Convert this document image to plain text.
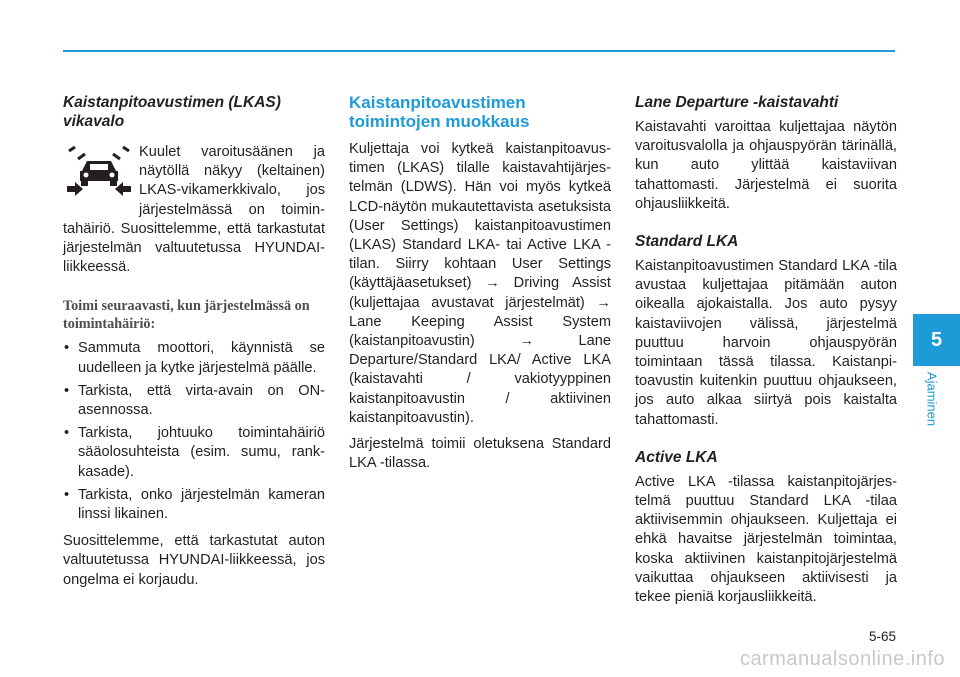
Kaistanpitoavustimen (LKAS) vikavalo

Kuulet varoitusäänen ja näytöllä näkyy (keltainen) LKAS-vikamerkkivalo, jos järjestelmässä on toimintahäiriö. Suosittelemme, että tarkastutat järjestelmän valtuutetussa HYUNDAI-liikkeessä.

Toimi seuraavasti, kun järjestelmässä on toimintahäiriö:
• Sammuta moottori, käynnistä se uudelleen ja kytke järjestelmä päälle.
• Tarkista, että virta-avain on ON-asennossa.
• Tarkista, johtuuko toimintahäiriö sääolosuhteista (esim. sumu, rankkasade).
• Tarkista, onko järjestelmän kameran linssi likainen.

Suosittelemme, että tarkastutat auton valtuutetussa HYUNDAI-liikkeessä, jos ongelma ei korjaudu.

Kaistanpitoavustimen toimintojen muokkaus

Kuljettaja voi kytkeä kaistanpitoavustimen (LKAS) tilalle kaistavahtijärjestelmän (LDWS). Hän voi myös kytkeä LCD-näytön mukautettavista asetuksista (User Settings) kaistanpitoavustimen (LKAS) Standard LKA- tai Active LKA -tilan. Siirry kohtaan User Settings (käyttäjäasetukset) → Driving Assist (kuljettajaa avustavat järjestelmät) → Lane Keeping Assist System (kaistanpitoavustin) → Lane Departure/Standard LKA/ Active LKA (kaistavahti / vakiotyyppinen kaistanpitoavustin / aktiivinen kaistanpitoavustin).

Järjestelmä toimii oletuksena Standard LKA -tilassa.

Lane Departure -kaistavahti

Kaistavahti varoittaa kuljettajaa näytön varoitusvalolla ja ohjauspyörän tärinällä, kun auto ylittää kaistaviivan tahattomasti. Järjestelmä ei suorita ohjausliikkeitä.

Standard LKA

Kaistanpitoavustimen Standard LKA -tila avustaa kuljettajaa pitämään auton oikealla ajokaistalla. Jos auto pysyy kaistaviivojen välissä, järjestelmä puuttuu harvoin ohjauspyörän toimintaan tässä tilassa. Kaistanpitoavustin kuitenkin puuttuu ohjaukseen, jos auto alkaa siirtyä pois kaistalta tahattomasti.

Active LKA

Active LKA -tilassa kaistanpitojärjestelmä puuttuu Standard LKA -tilaa aktiivisemmin ohjaukseen. Kuljettaja ei ehkä havaitse järjestelmän toimintaa, koska aktiivinen kaistanpitojärjestelmä vaikuttaa ohjaukseen aktiivisesti ja tekee pieniä korjausliikkeitä.

5
Ajaminen
5-65
carmanualsonline.info
